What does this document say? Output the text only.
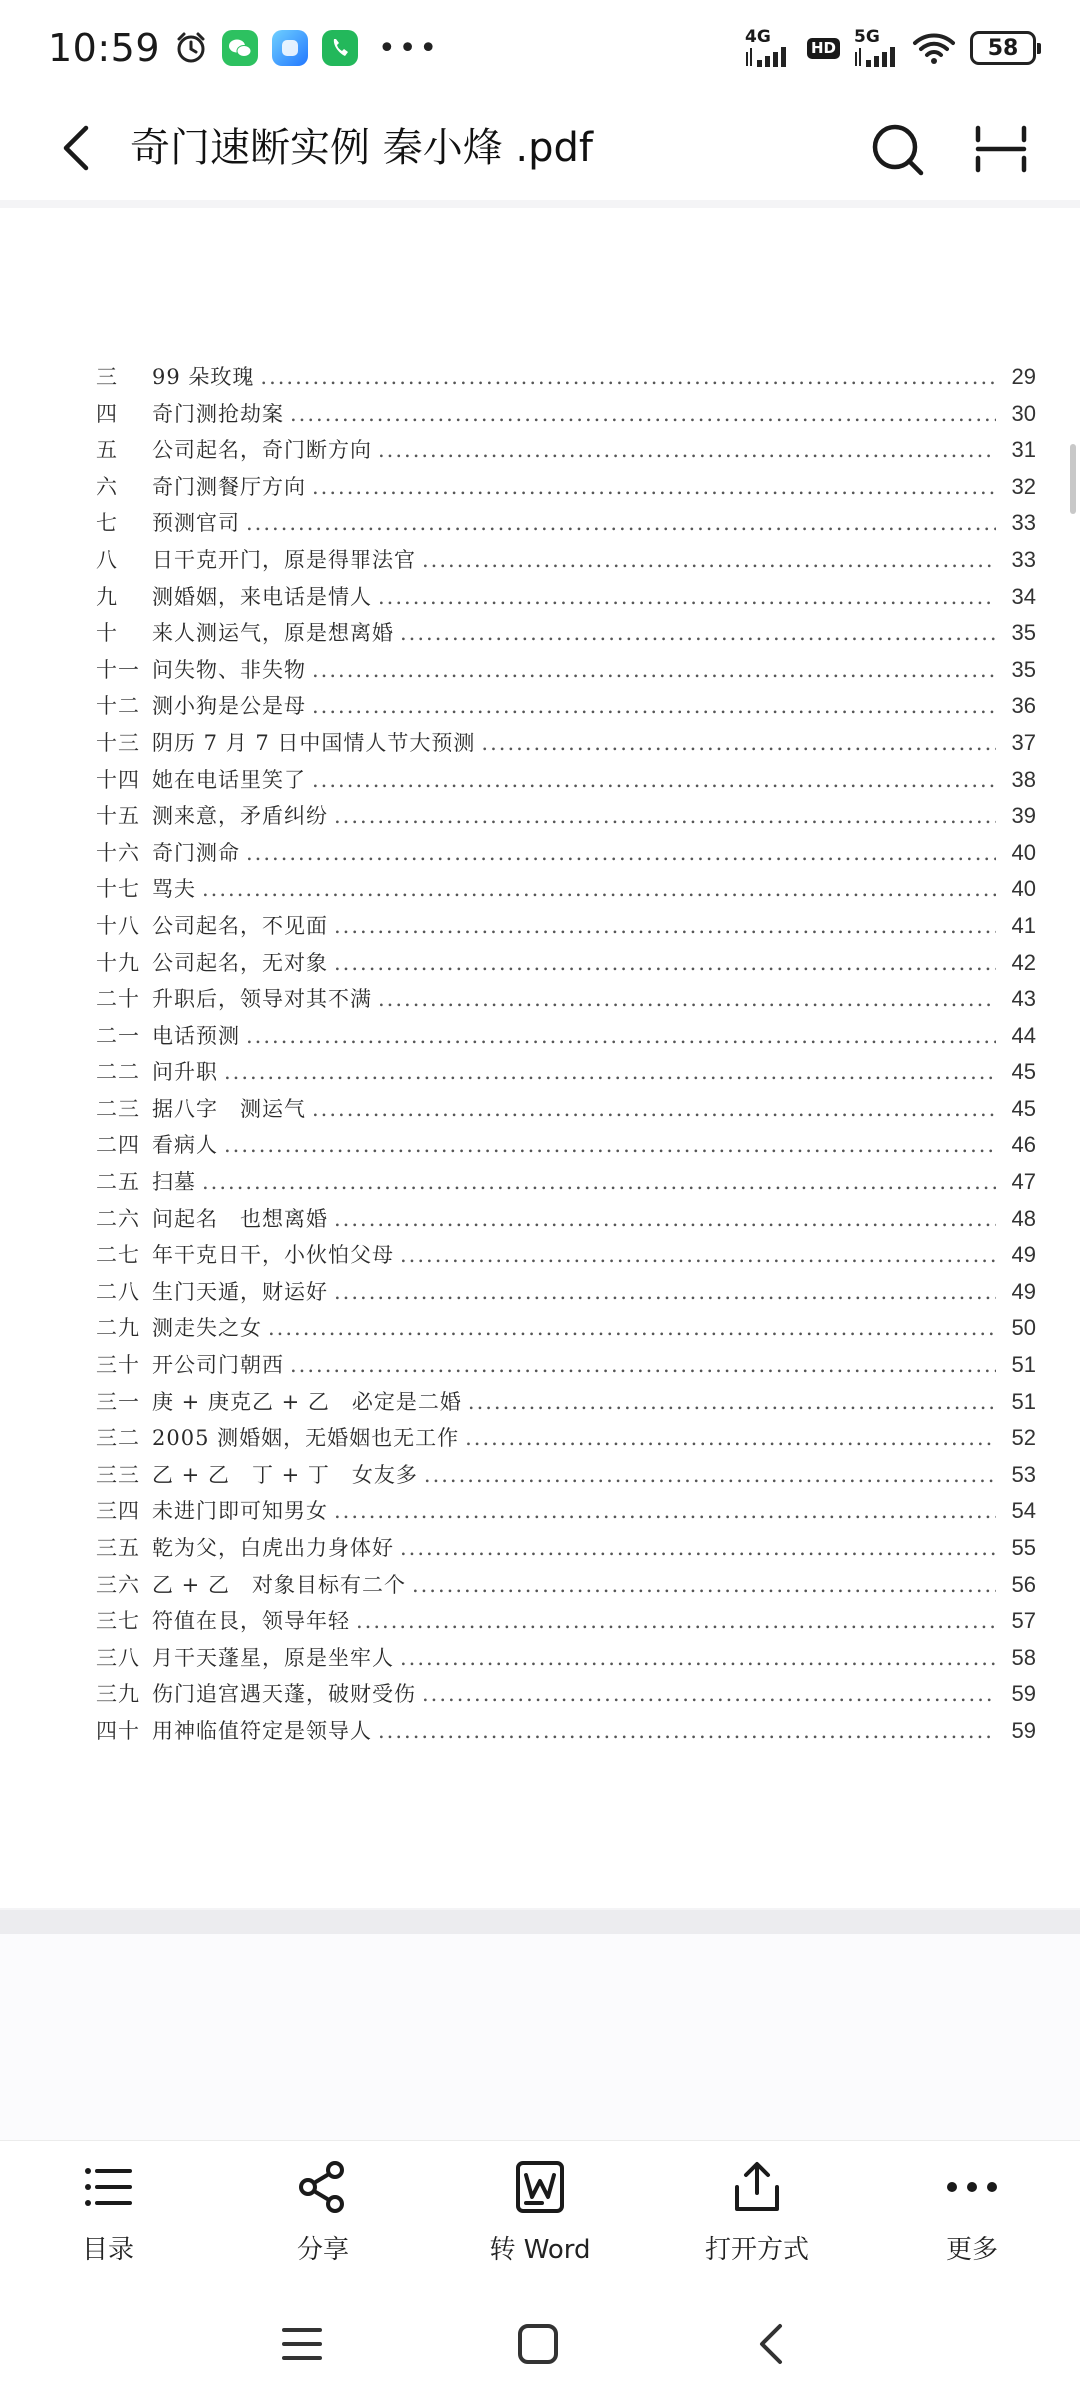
10:59	•••	4G
HD
5G	58
奇门速断实例 秦小烽 .pdf
三	99 朵玫瑰 .....	29
四	奇门测抢劫案 .....	30
五	公司起名，奇门断方向 .....	31
六	奇门测餐厅方向 .....	32
七	预测官司 .....	33
八	日干克开门，原是得罪法官 .....	33
九	测婚姻，来电话是情人 .....	34
十	来人测运气，原是想离婚 .....	35
十一 问失物、非失物 .....	35
十二 测小狗是公是母 .....	36
十三 阴历 7 月 7 日中国情人节大预测 .....	37
十四 她在电话里笑了 .....	38
十五 测来意，矛盾纠纷 .....	39
十六 奇门测命 .....	40
十七 骂夫 .....	40
十八 公司起名，不见面 .....	41
十九 公司起名，无对象 .....	42
二十 升职后，领导对其不满 .....	43
二一 电话预测 .....	44
二二 问升职 .....	45
二三 据八字　测运气 .....	45
二四 看病人 .....	46
二五 扫墓 .....	47
二六 问起名　也想离婚 .....	48
二七 年干克日干，小伙怕父母 .....	49
二八 生门天遁，财运好 .....	49
二九 测走失之女 .....	50
三十 开公司门朝西 .....	51
三一 庚 + 庚克乙 + 乙　必定是二婚 .....	51
三二 2005 测婚姻，无婚姻也无工作 .....	52
三三 乙 + 乙　丁 + 丁　女友多 .....	53
三四 未进门即可知男女 .....	54
三五 乾为父，白虎出力身体好 .....	55
三六 乙 + 乙　对象目标有二个 .....	56
三七 符值在艮，领导年轻 .....	57
三八 月干天蓬星，原是坐牢人 .....	58
三九 伤门追宫遇天蓬，破财受伤 .....	59
四十 用神临值符定是领导人 .....	59
目录	分享	转 Word	打开方式	更多
